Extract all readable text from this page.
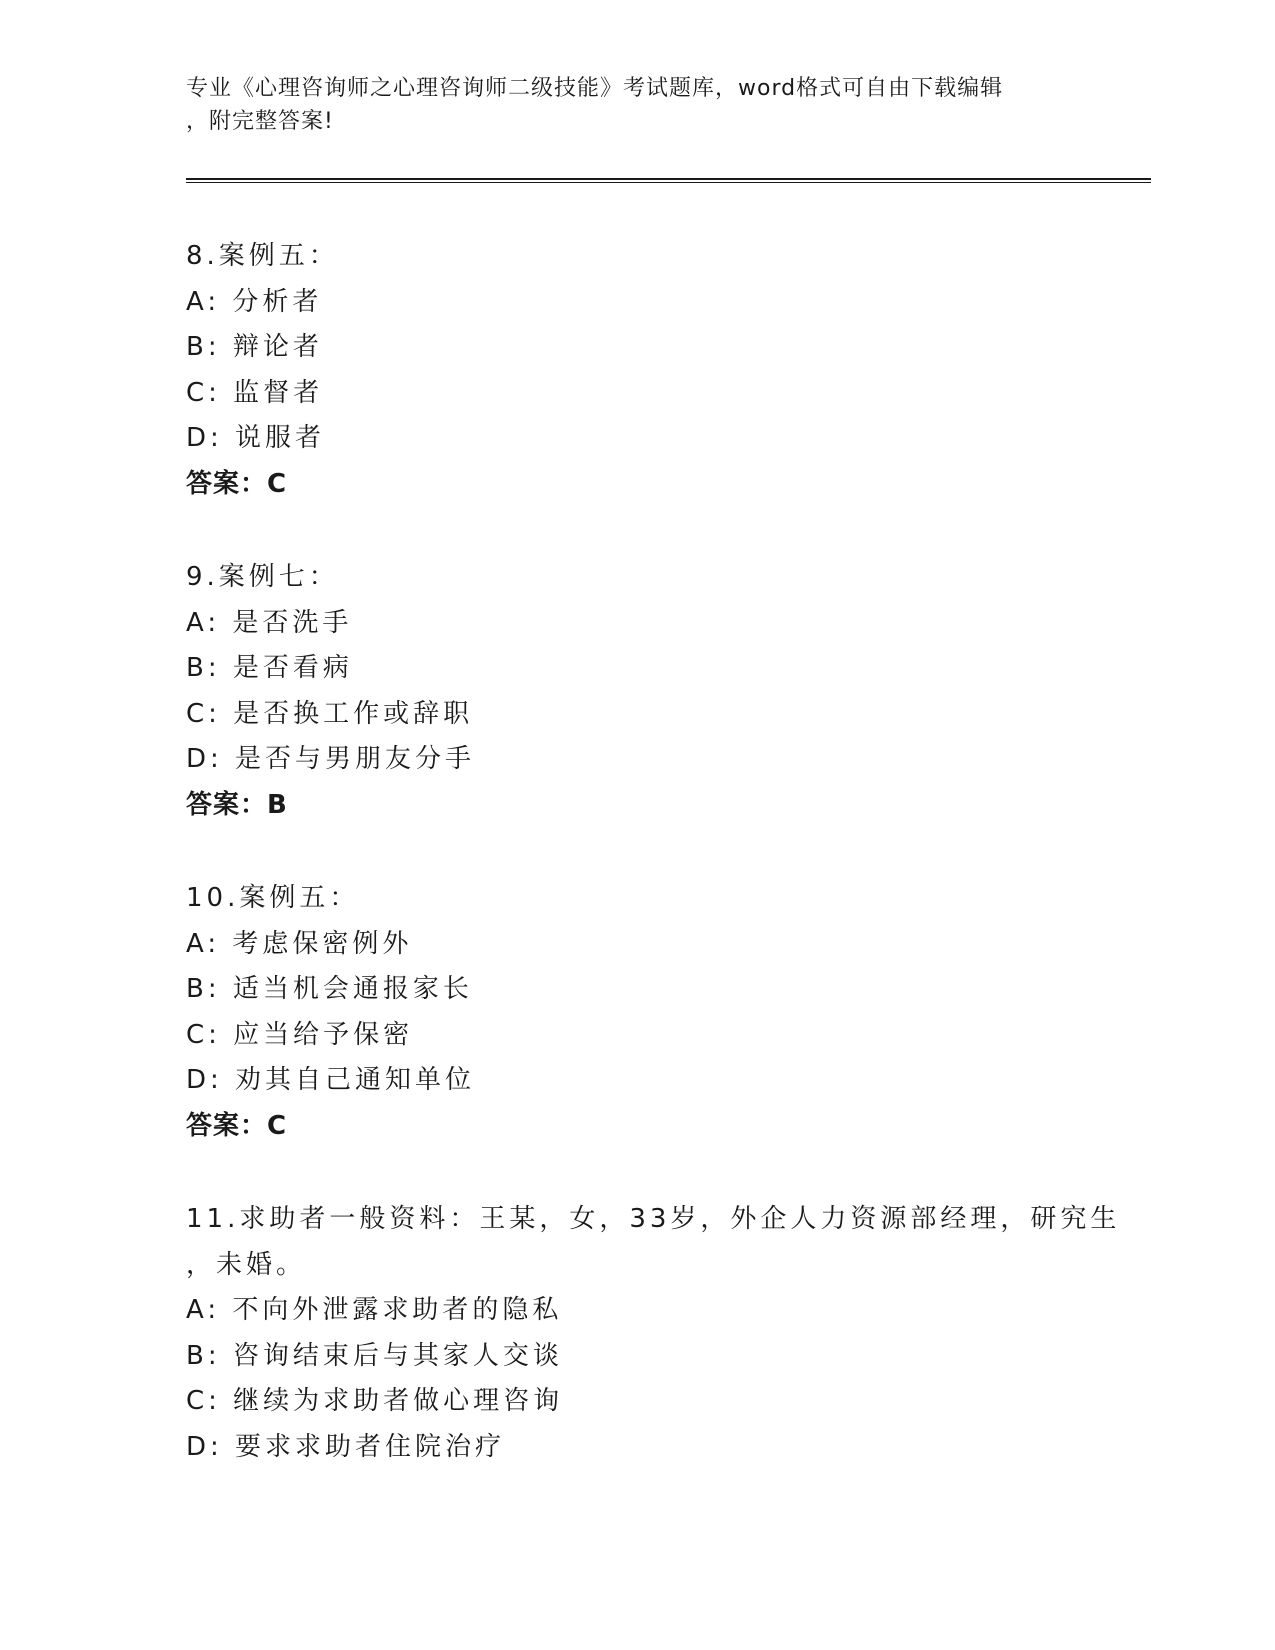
专业《心理咨询师之心理咨询师二级技能》考试题库，word格式可自由下载编辑
，附完整答案!
8.案例五：
A: 分析者
B: 辩论者
C: 监督者
D: 说服者
答案：C
9.案例七：
A: 是否洗手
B: 是否看病
C: 是否换工作或辞职
D: 是否与男朋友分手
答案：B
10.案例五：
A: 考虑保密例外
B: 适当机会通报家长
C: 应当给予保密
D: 劝其自己通知单位
答案：C
11.求助者一般资料：王某，女，33岁，外企人力资源部经理，研究生
，未婚。
A: 不向外泄露求助者的隐私
B: 咨询结束后与其家人交谈
C: 继续为求助者做心理咨询
D: 要求求助者住院治疗
